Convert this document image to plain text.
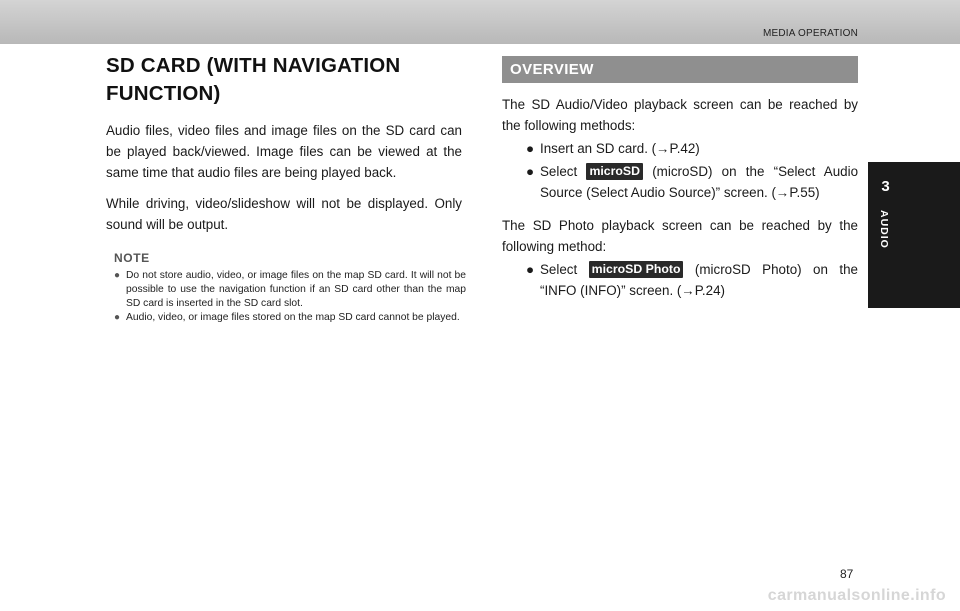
MEDIA OPERATION
3
AUDIO
SD CARD (WITH NAVIGATION
FUNCTION)

Audio files, video files and image files on the SD card can be played back/viewed. Image files can be viewed at the same time that audio files are being played back.

While driving, video/slideshow will not be displayed. Only sound will be output.

NOTE
● Do not store audio, video, or image files on the map SD card. It will not be possible to use the navigation function if an SD card other than the map SD card is inserted in the SD card slot.
● Audio, video, or image files stored on the map SD card cannot be played.
OVERVIEW

The SD Audio/Video playback screen can be reached by the following methods:

● Insert an SD card. (→P.42)
● Select microSD (microSD) on the “Select Audio Source (Select Audio Source)” screen. (→P.55)

The SD Photo playback screen can be reached by the following method:

● Select microSD Photo (microSD Photo) on the “INFO (INFO)” screen. (→P.24)
87
carmanualsonline.info
